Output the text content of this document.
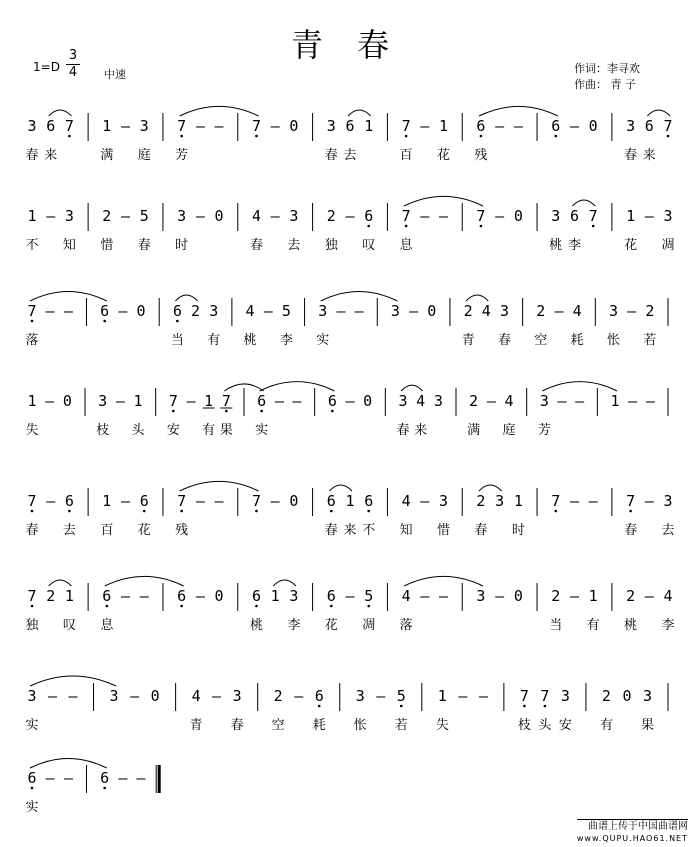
青 春
1=D
3
4 中速	作词：李寻欢
作曲： 青 子
3 6 7 1 – 3 7 – – 7 – 0 3 6 1 7 – 1 6 – – 6 – 0 3 6 7
春 来	满 庭 芳	春 去	百 花 残	春 来
1 – 3 2 – 5 3 – 0 4 – 3 2 – 6 7 – – 7 – 0 3 6 7 1 – 3
不 知 惜 春 时	春 去 独 叹 息	桃 李	花 凋
7 – – 6 – 0 6 2 3 4 – 5 3 – – 3 – 0 2 4 3 2 – 4 3 – 2
落	当 有 桃 李 实	青 春 空 耗 怅 若
1 – 0 3 – 1 7 – 1 7 6 – – 6 – 0 3 4 3 2 – 4 3 – – 1 – –
失	枝 头 安 有 果 实	春 来	满 庭 芳
7 – 6 1 – 6 7 – – 7 – 0 6 1 6 4 – 3 2 3 1 7 – – 7 – 3
春 去 百 花 残	春 来 不 知 惜 春 时	春 去
7 2 1 6 – – 6 – 0 6 1 3 6 – 5 4 – – 3 – 0 2 – 1 2 – 4
独 叹 息	桃 李 花 凋 落	当 有 桃 李
3 – – 3 – 0 4 – 3 2 – 6 3 – 5 1 – – 7 7 3 2 0 3
实	青 春 空 耗 怅 若 失	枝 头 安 有 果
6 – – 6 – –
实
曲谱上传于中国曲谱网
www.QUPU.HAO61.NET
